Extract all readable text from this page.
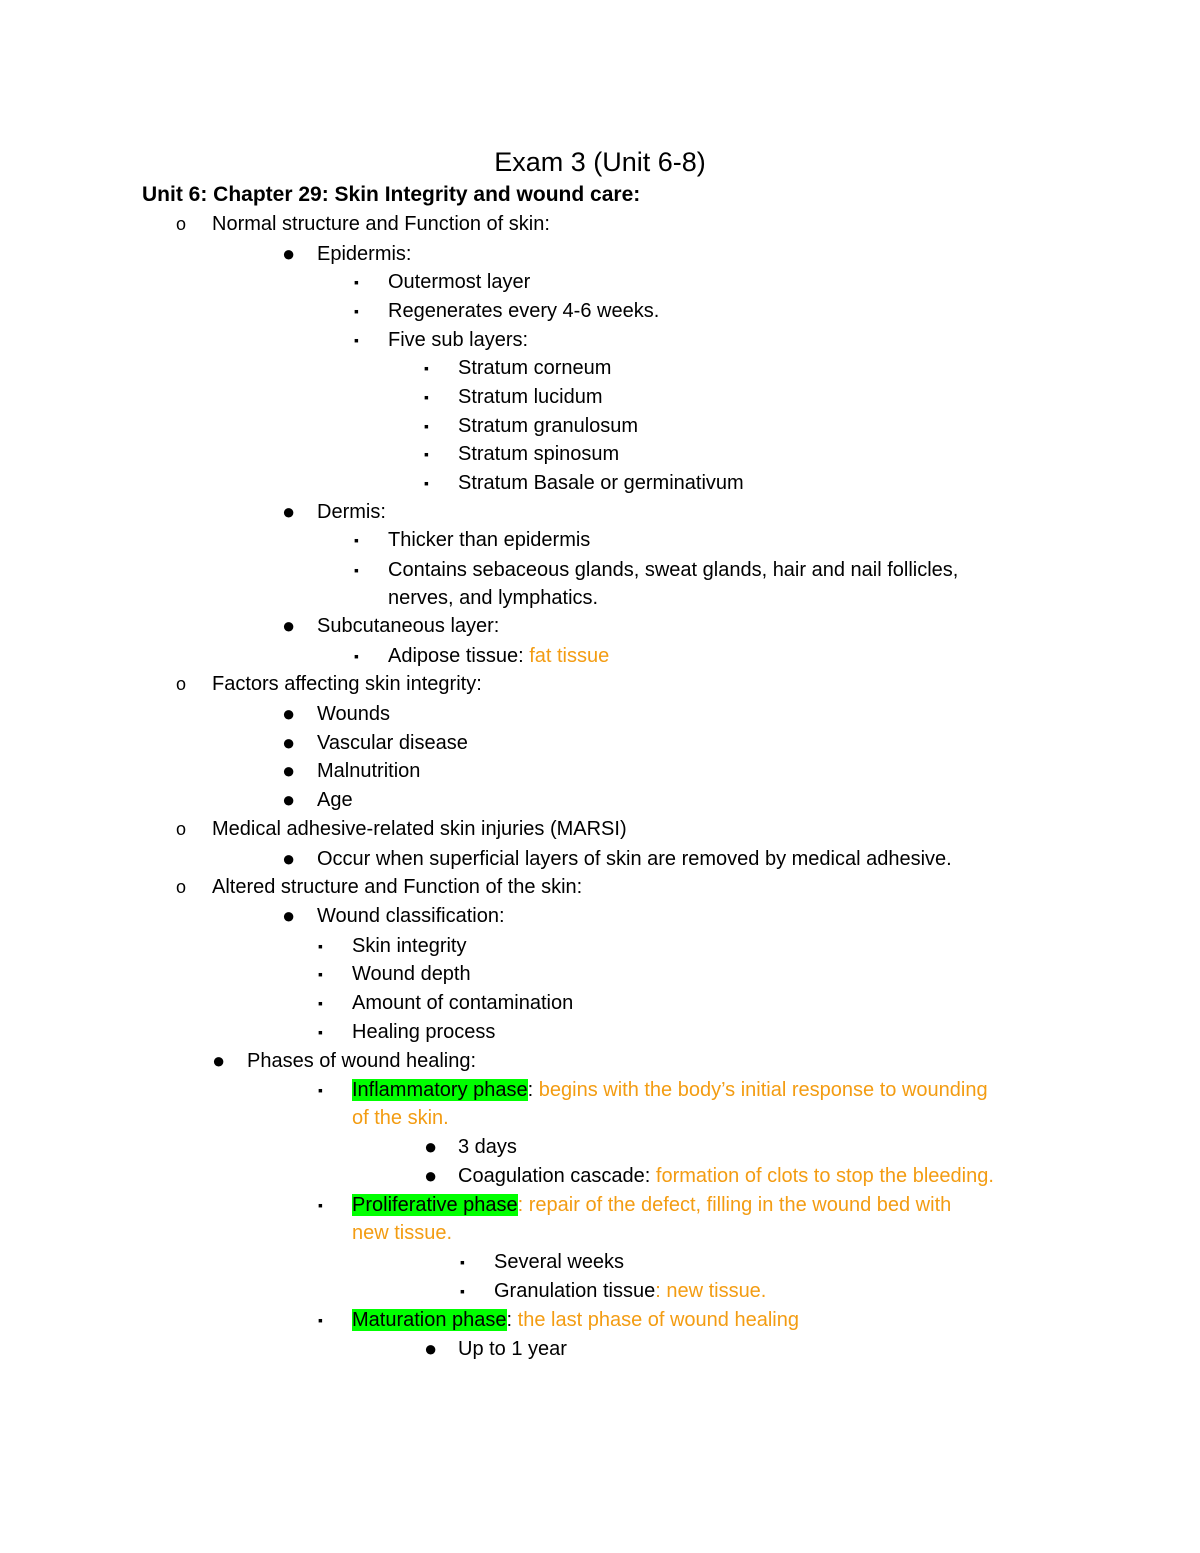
Exam 3 (Unit 6-8)
Unit 6: Chapter 29: Skin Integrity and wound care:
o Normal structure and Function of skin:
● Epidermis:
▪ Outermost layer
▪ Regenerates every 4-6 weeks.
▪ Five sub layers:
▪ Stratum corneum
▪ Stratum lucidum
▪ Stratum granulosum
▪ Stratum spinosum
▪ Stratum Basale or germinativum
● Dermis:
▪ Thicker than epidermis
▪ Contains sebaceous glands, sweat glands, hair and nail follicles,
nerves, and lymphatics.
● Subcutaneous layer:
▪ Adipose tissue: fat tissue
o Factors affecting skin integrity:
● Wounds
● Vascular disease
● Malnutrition
● Age
o Medical adhesive-related skin injuries (MARSI)
● Occur when superficial layers of skin are removed by medical adhesive.
o Altered structure and Function of the skin:
● Wound classification:
▪ Skin integrity
▪ Wound depth
▪ Amount of contamination
▪ Healing process
● Phases of wound healing:
▪ Inflammatory phase: begins with the body’s initial response to wounding
of the skin.
● 3 days
● Coagulation cascade: formation of clots to stop the bleeding.
▪ Proliferative phase: repair of the defect, filling in the wound bed with
new tissue.
▪ Several weeks
▪ Granulation tissue: new tissue.
▪ Maturation phase: the last phase of wound healing
● Up to 1 year
